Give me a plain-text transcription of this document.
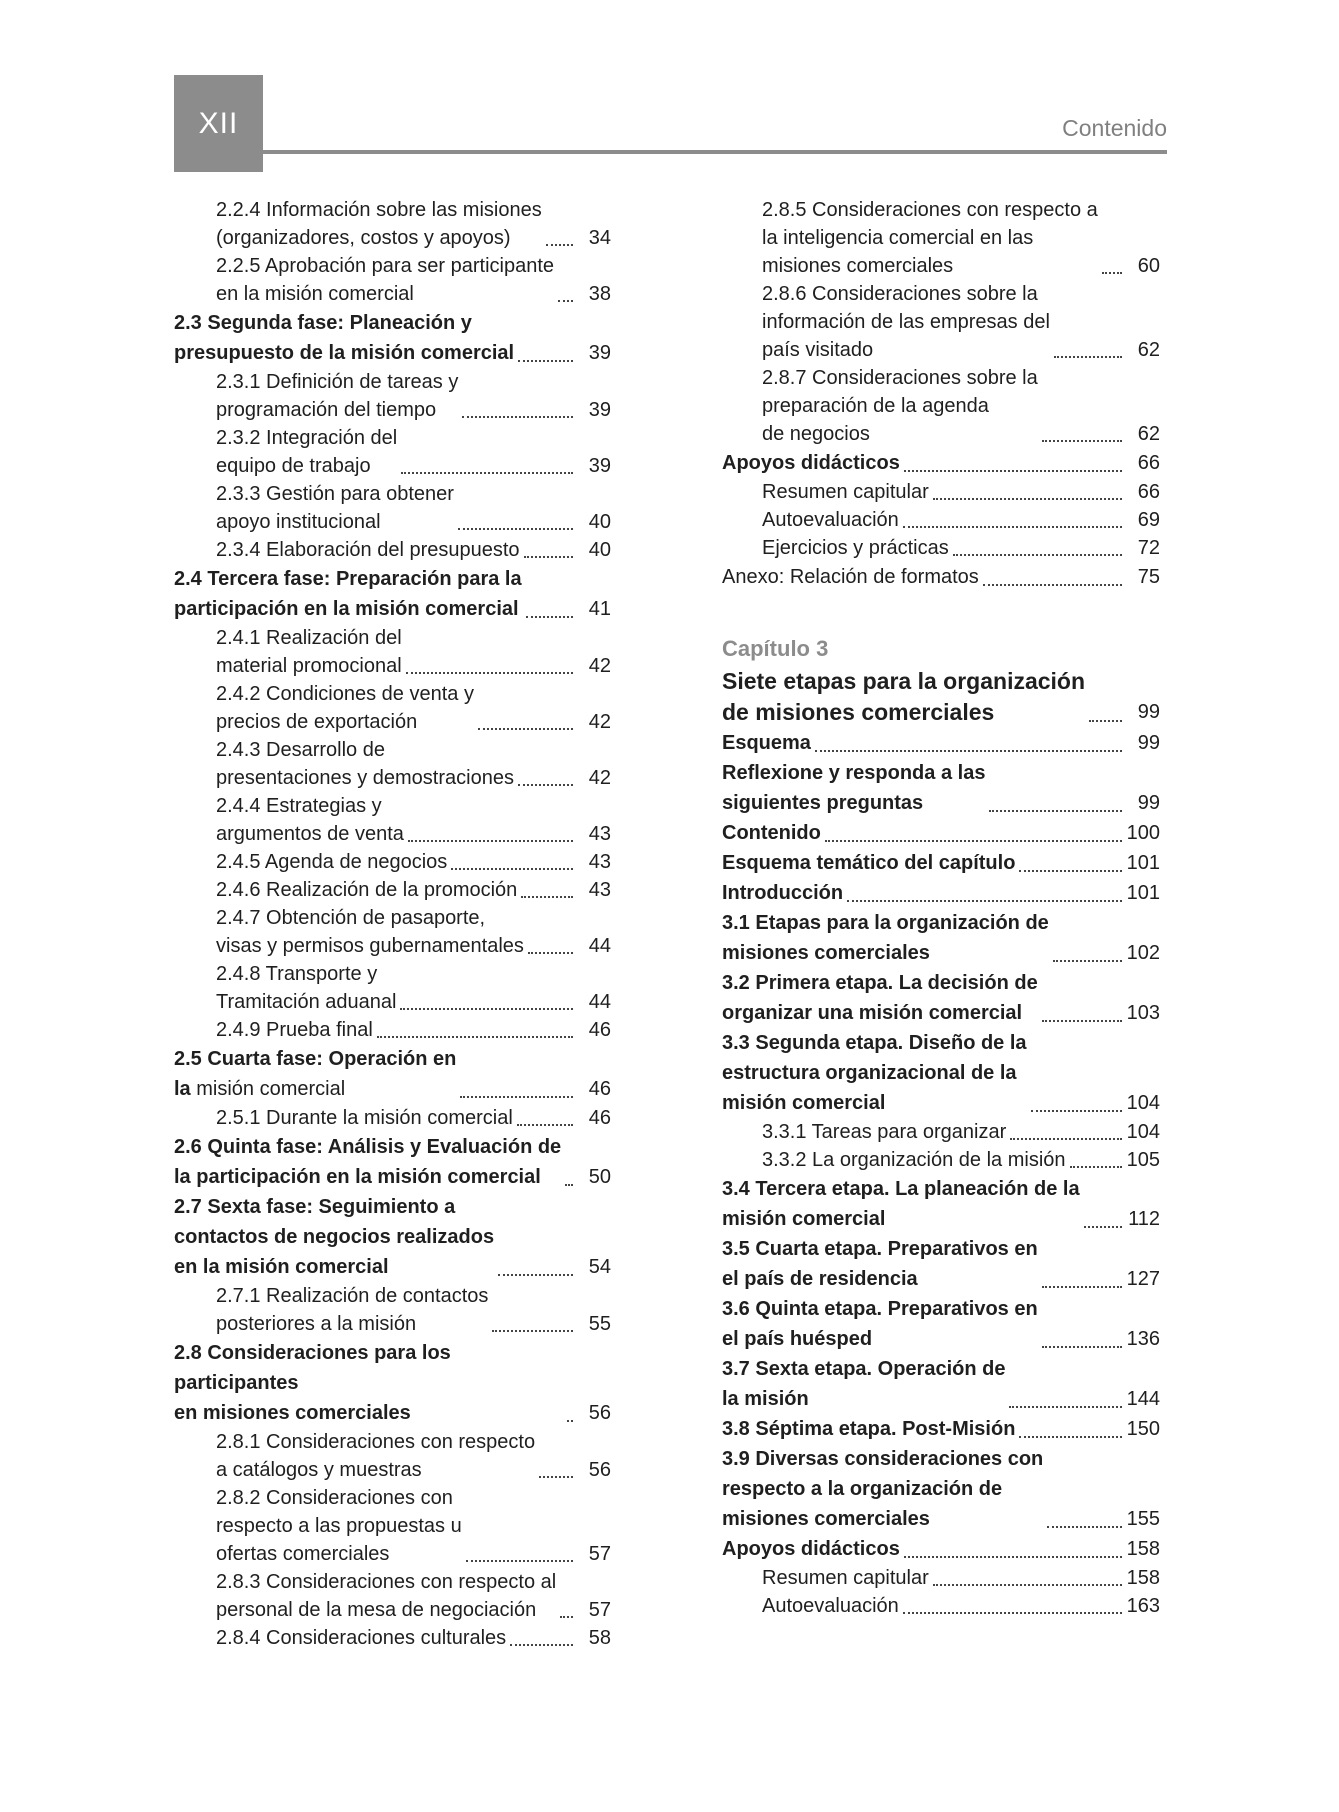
XII	Contenido
2.2.4 Información sobre las misiones
(organizadores, costos y apoyos)	34
2.2.5 Aprobación para ser participante
en la misión comercial	38
2.3 Segunda fase: Planeación y
presupuesto de la misión comercial	39
2.3.1 Definición de tareas y
programación del tiempo	39
2.3.2 Integración del
equipo de trabajo	39
2.3.3 Gestión para obtener
apoyo institucional	40
2.3.4 Elaboración del presupuesto	40
2.4 Tercera fase: Preparación para la
participación en la misión comercial	41
2.4.1 Realización del
material promocional	42
2.4.2 Condiciones de venta y
precios de exportación	42
2.4.3 Desarrollo de
presentaciones y demostraciones	42
2.4.4 Estrategias y
argumentos de venta	43
2.4.5 Agenda de negocios	43
2.4.6 Realización de la promoción	43
2.4.7 Obtención de pasaporte,
visas y permisos gubernamentales	44
2.4.8 Transporte y
Tramitación aduanal	44
2.4.9 Prueba final	46
2.5 Cuarta fase: Operación en
la misión comercial	46
2.5.1 Durante la misión comercial	46
2.6 Quinta fase: Análisis y Evaluación de
la participación en la misión comercial	50
2.7 Sexta fase: Seguimiento a
contactos de negocios realizados
en la misión comercial	54
2.7.1 Realización de contactos
posteriores a la misión	55
2.8 Consideraciones para los participantes
en misiones comerciales	56
2.8.1 Consideraciones con respecto
a catálogos y muestras	56
2.8.2 Consideraciones con
respecto a las propuestas u
ofertas comerciales	57
2.8.3 Consideraciones con respecto al
personal de la mesa de negociación	57
2.8.4 Consideraciones culturales	58
2.8.5 Consideraciones con respecto a
la inteligencia comercial en las
misiones comerciales	60
2.8.6 Consideraciones sobre la
información de las empresas del
país visitado	62
2.8.7 Consideraciones sobre la
preparación de la agenda
de negocios	62
Apoyos didácticos	66
Resumen capitular	66
Autoevaluación	69
Ejercicios y prácticas	72
Anexo: Relación de formatos	75
Capítulo 3
Siete etapas para la organización
de misiones comerciales	99
Esquema	99
Reflexione y responda a las
siguientes preguntas	99
Contenido	100
Esquema temático del capítulo	101
Introducción	101
3.1 Etapas para la organización de
misiones comerciales	102
3.2 Primera etapa. La decisión de
organizar una misión comercial	103
3.3 Segunda etapa. Diseño de la
estructura organizacional de la
misión comercial	104
3.3.1 Tareas para organizar	104
3.3.2 La organización de la misión	105
3.4 Tercera etapa. La planeación de la
misión comercial	112
3.5 Cuarta etapa. Preparativos en
el país de residencia	127
3.6 Quinta etapa. Preparativos en
el país huésped	136
3.7 Sexta etapa. Operación de
la misión	144
3.8 Séptima etapa. Post-Misión	150
3.9 Diversas consideraciones con
respecto a la organización de
misiones comerciales	155
Apoyos didácticos	158
Resumen capitular	158
Autoevaluación	163
